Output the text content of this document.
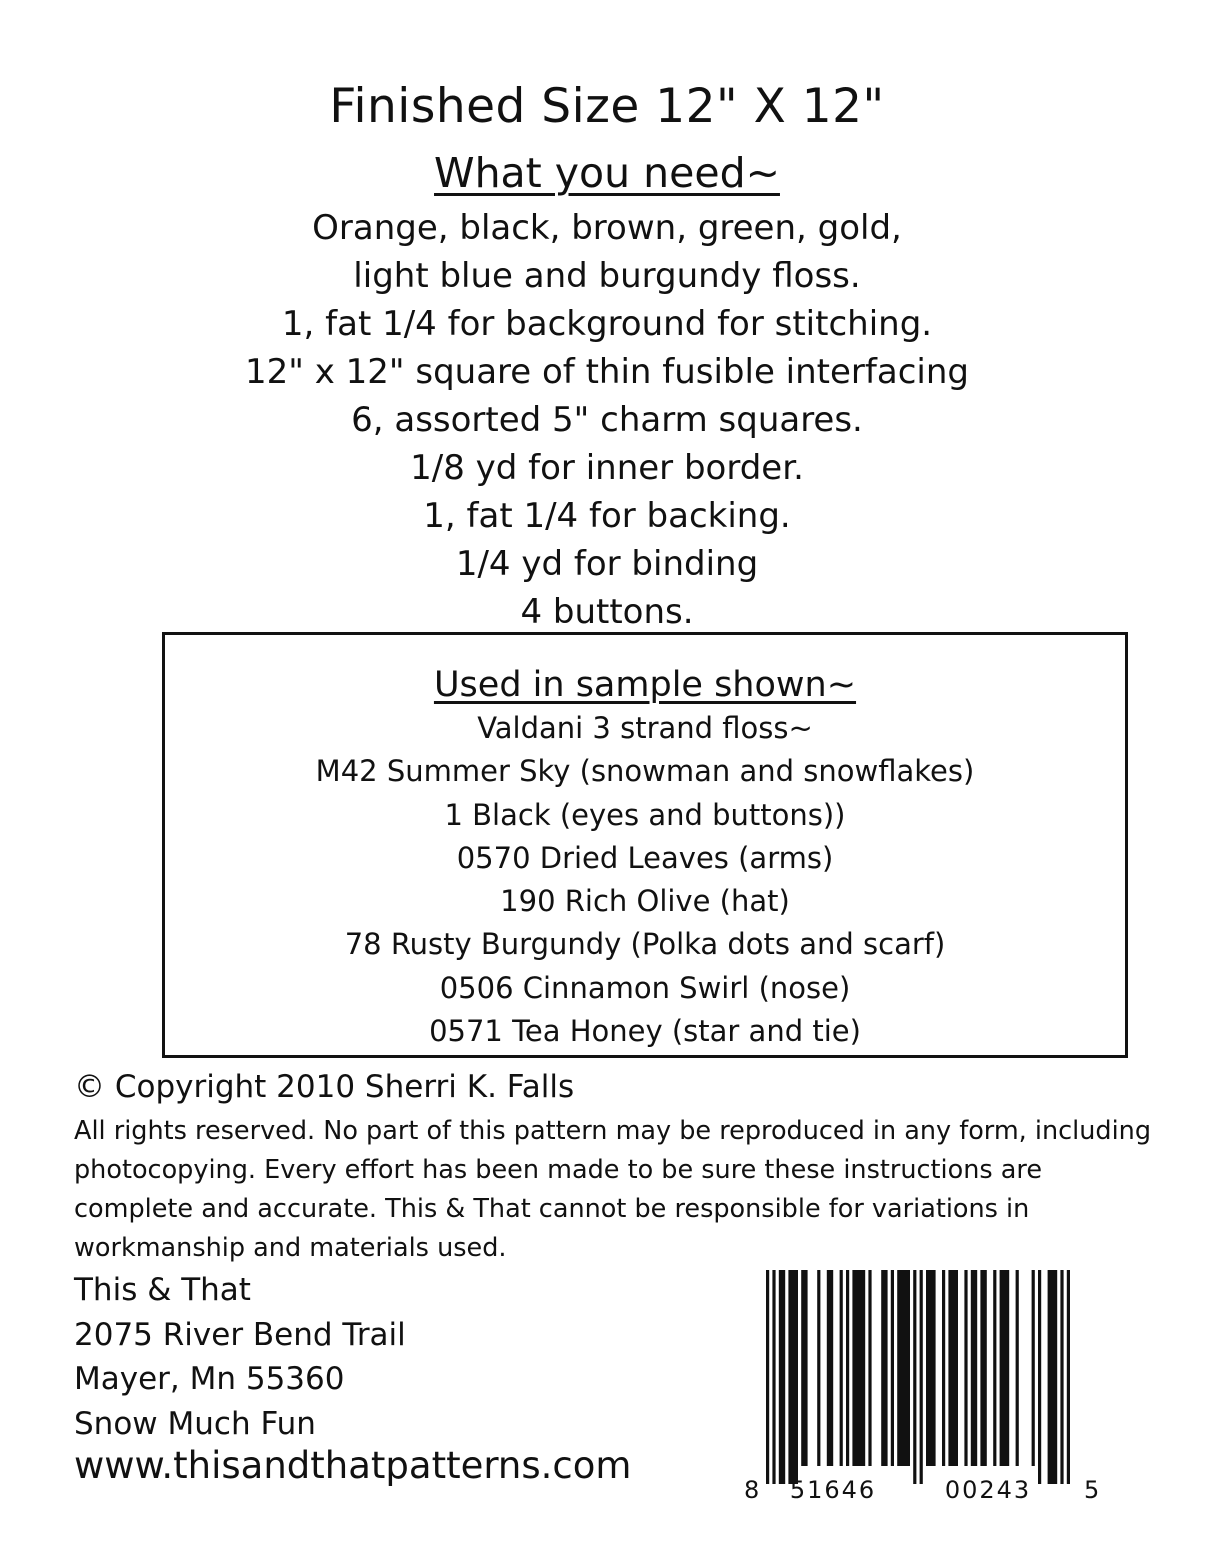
Finished Size 12" X 12"
What you need~
Orange, black, brown, green, gold,
light blue and burgundy floss.
1, fat 1/4 for background for stitching.
12" x 12" square of thin fusible interfacing
6, assorted 5" charm squares.
1/8 yd for inner border.
1, fat 1/4 for backing.
1/4 yd for binding
4 buttons.
Used in sample shown~
Valdani 3 strand floss~
M42 Summer Sky (snowman and snowflakes)
1 Black (eyes and buttons))
0570 Dried Leaves (arms)
190 Rich Olive (hat)
78 Rusty Burgundy (Polka dots and scarf)
0506 Cinnamon Swirl (nose)
0571 Tea Honey (star and tie)
© Copyright 2010 Sherri K. Falls

All rights reserved. No part of this pattern may be reproduced in any form, including photocopying. Every effort has been made to be sure these instructions are complete and accurate. This & That cannot be responsible for variations in workmanship and materials used.

This & That
2075 River Bend Trail
Mayer, Mn 55360
Snow Much Fun
www.thisandthatpatterns.com
8 51646	00243 5
